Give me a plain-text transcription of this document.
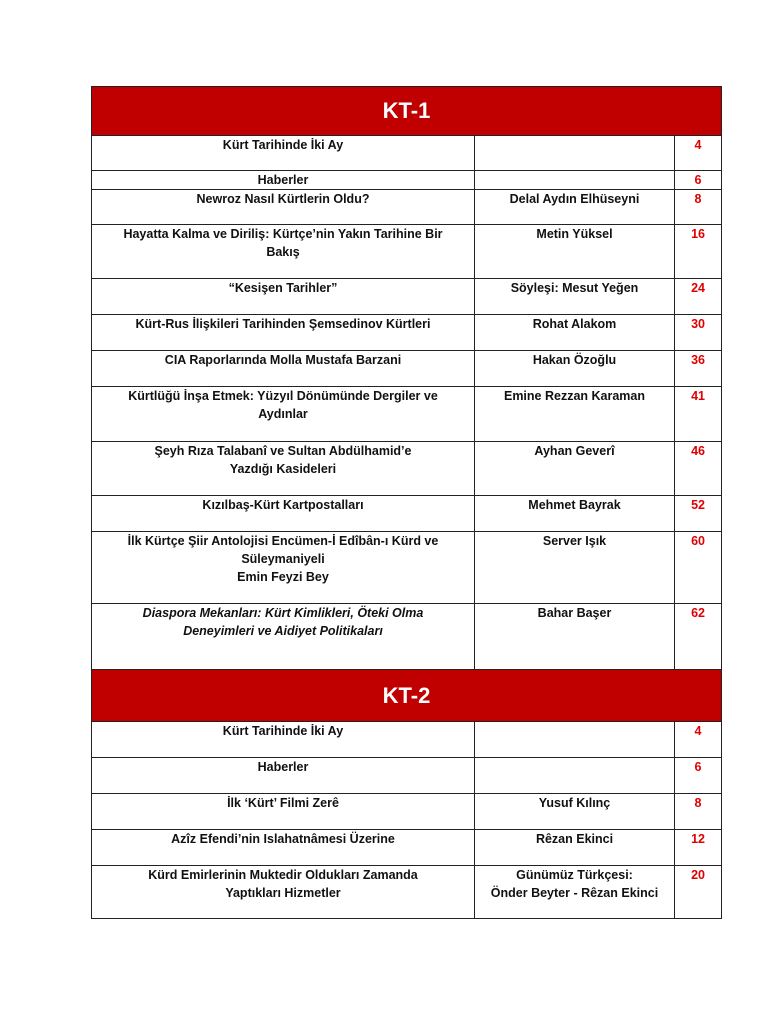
KT-1		

Kürt Tarihinde İki Ay		4

Haberler		6

Newroz Nasıl Kürtlerin Oldu?	Delal Aydın Elhüseyni	8

Hayatta Kalma ve Diriliş: Kürtçe’nin Yakın Tarihine Bir
Bakış	Metin Yüksel	16

“Kesişen Tarihler”	Söyleşi: Mesut Yeğen	24

Kürt-Rus İlişkileri Tarihinden Şemsedinov Kürtleri	Rohat Alakom	30

CIA Raporlarında Molla Mustafa Barzani	Hakan Özoğlu	36

Kürtlüğü İnşa Etmek: Yüzyıl Dönümünde Dergiler ve
Aydınlar	Emine Rezzan Karaman	41

Şeyh Rıza Talabanî ve Sultan Abdülhamid’e
Yazdığı Kasideleri	Ayhan Geverî	46

Kızılbaş-Kürt Kartpostalları	Mehmet Bayrak	52

İlk Kürtçe Şiir Antolojisi Encümen-İ Edîbân-ı Kürd ve
Süleymaniyeli
Emin Feyzi Bey	Server Işık	60

Diaspora Mekanları: Kürt Kimlikleri, Öteki Olma
Deneyimleri ve Aidiyet Politikaları	Bahar Başer	62
KT-2		

Kürt Tarihinde İki Ay		4

Haberler		6

İlk ‘Kürt’ Filmi Zerê	Yusuf Kılınç	8

Azîz Efendi’nin Islahatnâmesi Üzerine	Rêzan Ekinci	12

Kürd Emirlerinin Muktedir Oldukları Zamanda
Yaptıkları Hizmetler	Günümüz Türkçesi:
Önder Beyter - Rêzan Ekinci	20
